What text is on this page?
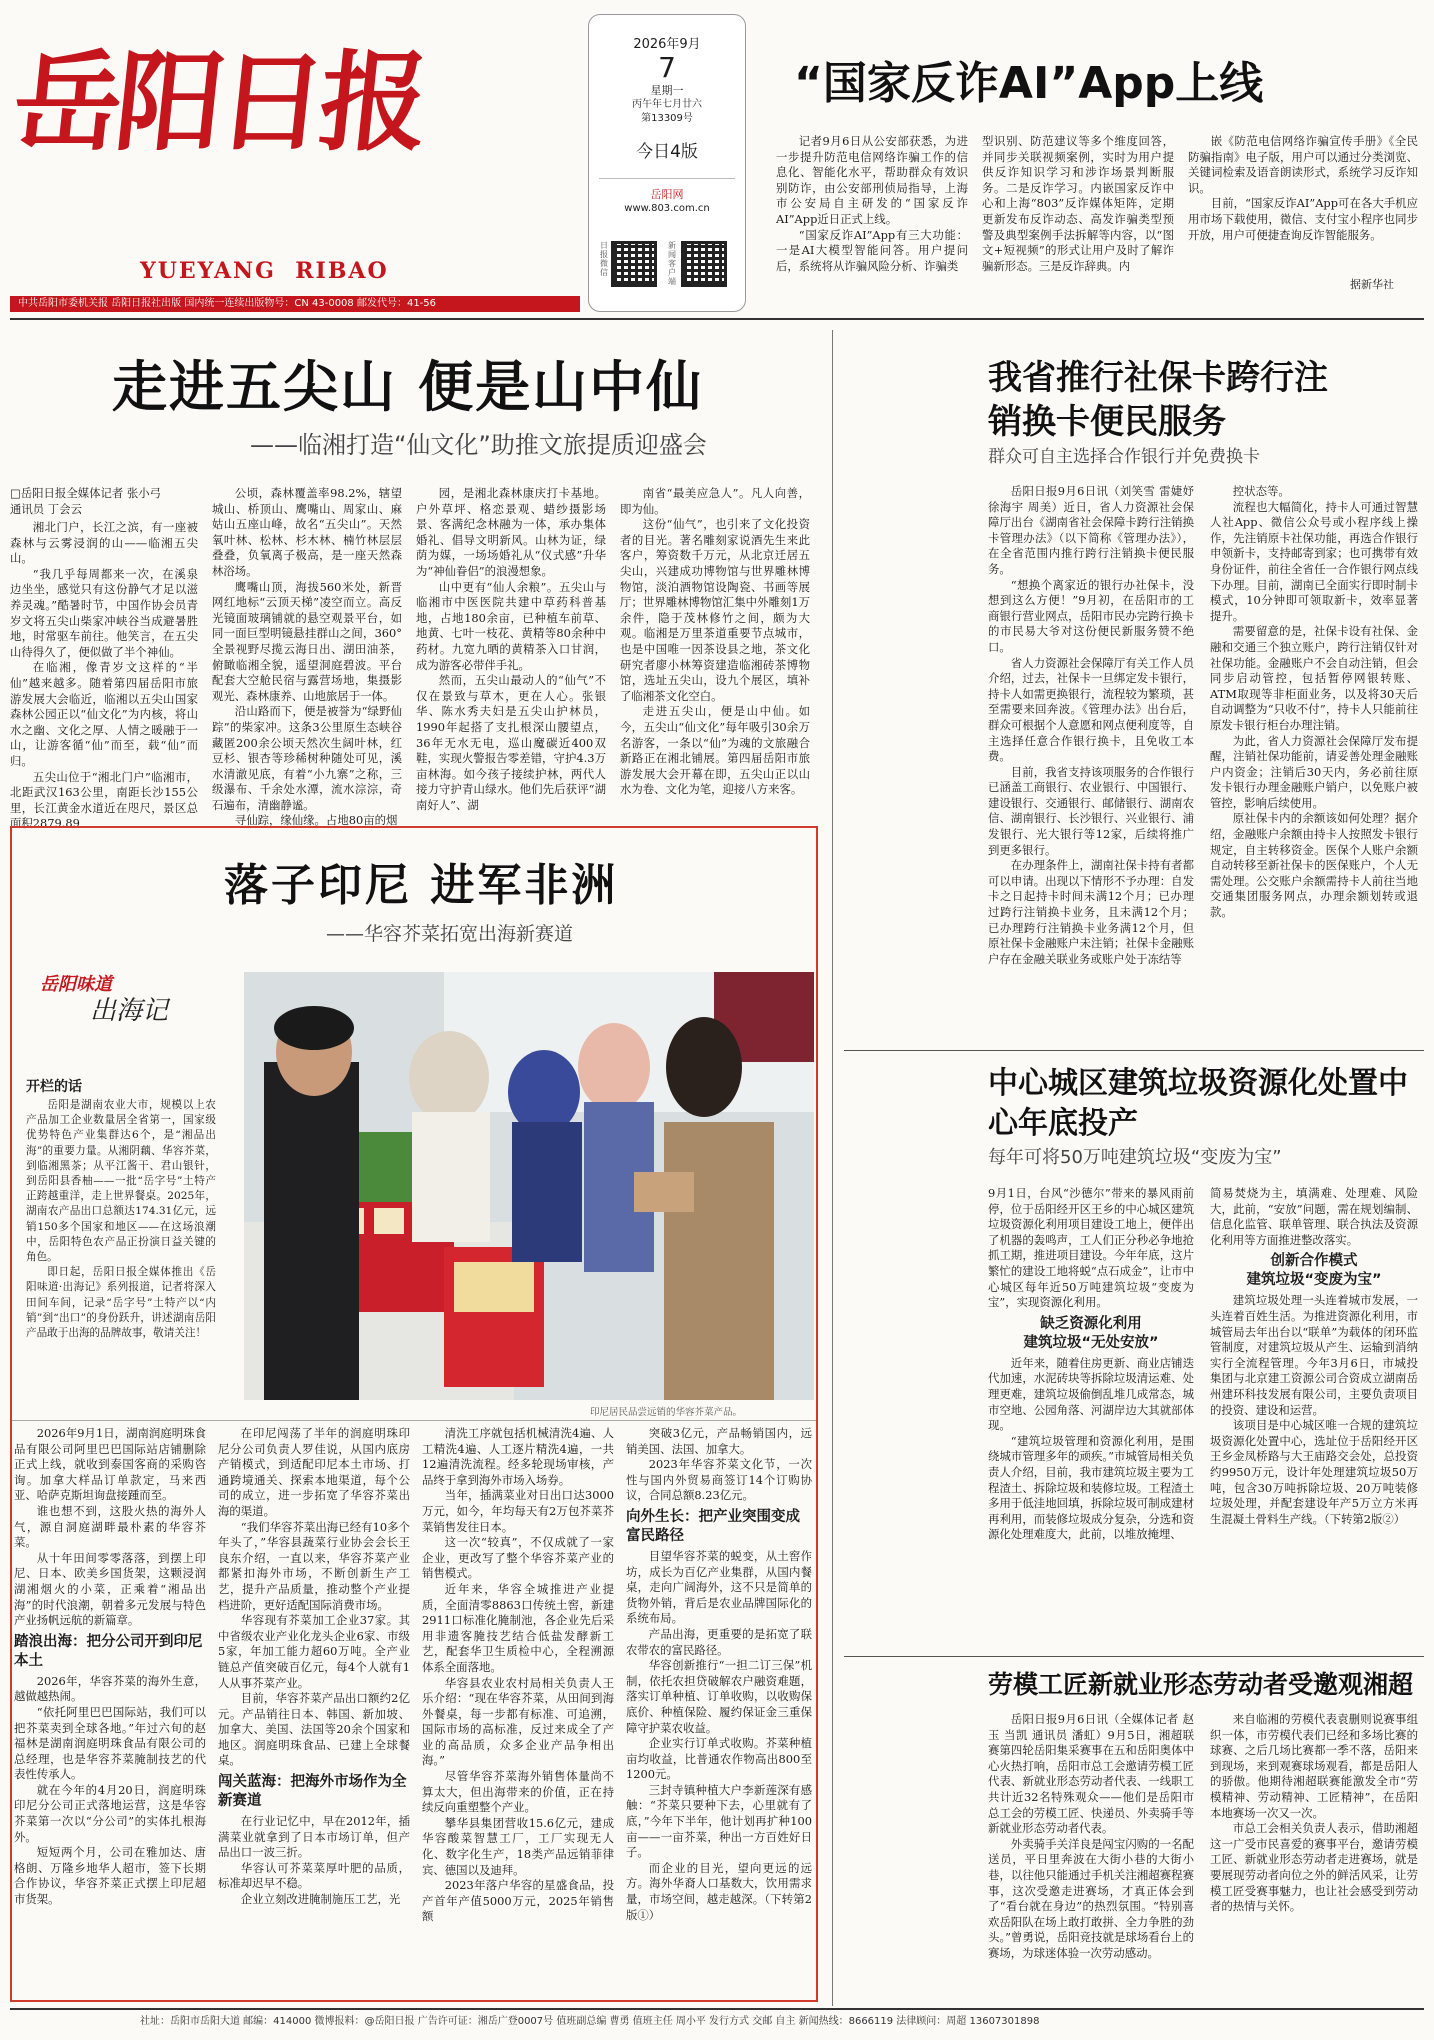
岳阳日报
YUEYANG  RIBAO
中共岳阳市委机关报 岳阳日报社出版 国内统一连续出版物号：CN 43-0008 邮发代号：41-56
2026年9月
7
星期一
丙午年七月廿六
第13309号
今日4版
岳阳网
www.803.com.cn
日报微信
新闻客户端
“国家反诈AI”App上线

记者9月6日从公安部获悉，为进一步提升防范电信网络诈骗工作的信息化、智能化水平，帮助群众有效识别防诈，由公安部刑侦局指导，上海市公安局自主研发的“国家反诈AI”App近日正式上线。

“国家反诈AI”App有三大功能：一是AI大模型智能问答。用户提问后，系统将从诈骗风险分析、诈骗类

型识别、防范建议等多个维度回答，并同步关联视频案例，实时为用户提供反诈知识学习和涉诈场景判断服务。二是反诈学习。内嵌国家反诈中心和上海“803”反诈媒体矩阵，定期更新发布反诈动态、高发诈骗类型预警及典型案例手法拆解等内容，以“图文+短视频”的形式让用户及时了解诈骗新形态。三是反诈辞典。内

嵌《防范电信网络诈骗宣传手册》《全民防骗指南》电子版，用户可以通过分类浏览、关键词检索及语音朗读形式，系统学习反诈知识。

目前，“国家反诈AI”App可在各大手机应用市场下载使用，微信、支付宝小程序也同步开放，用户可便捷查询反诈智能服务。

据新华社
走进五尖山 便是山中仙
——临湘打造“仙文化”助推文旅提质迎盛会
□岳阳日报全媒体记者 张小弓
通讯员 丁会云

湘北门户，长江之滨，有一座被森林与云雾浸润的山——临湘五尖山。

“我几乎每周都来一次，在溪泉边坐坐，感觉只有这份静气才足以滋养灵魂。”酷暑时节，中国作协会员青岁文将五尖山柴家冲峡谷当成避暑胜地，时常驱车前往。他笑言，在五尖山待得久了，便似做了半个神仙。

在临湘，像青岁文这样的“半仙”越来越多。随着第四届岳阳市旅游发展大会临近，临湘以五尖山国家森林公园正以“仙文化”为内核，将山水之幽、文化之厚、人情之暖融于一山，让游客循“仙”而至，载“仙”而归。

五尖山位于“湘北门户”临湘市，北距武汉163公里，南距长沙155公里，长江黄金水道近在咫尺，景区总面积2879.89

公顷，森林覆盖率98.2%，辖望城山、桥顶山、鹰嘴山、周家山、麻姑山五座山峰，故名“五尖山”。天然氧叶林、松林、杉木林、楠竹林层层叠叠，负氧离子极高，是一座天然森林浴场。

鹰嘴山顶，海拔560米处，新晋网红地标“云顶天梯”凌空而立。高反光镜面玻璃铺就的悬空观景平台，如同一面巨型明镜悬挂群山之间，360°全景视野尽揽云海日出、湖田油茶，俯瞰临湘全貌，遥望洞庭碧波。平台配套大空舱民宿与露营场地，集摄影观光、森林康养、山地旅居于一体。

沿山路而下，便是被誉为“绿野仙踪”的柴家冲。这条3公里原生态峡谷藏匿200余公顷天然次生阔叶林，红豆杉、银杏等珍稀树种随处可见，溪水清澈见底，有着“小九寨”之称，三级瀑布、千余处水潭，流水淙淙，奇石遍布，清幽静谧。

寻仙踪，缘仙缘。占地80亩的烟

园，是湘北森林康庆打卡基地。户外草坪、格恋景观、蜡纱摄影场景、客满纪念林融为一体，承办集体婚礼、倡导文明新风。山林为证，绿荫为媒，一场场婚礼从“仪式感”升华为“神仙眷侣”的浪漫想象。

山中更有“仙人余粮”。五尖山与临湘市中医医院共建中草药科普基地，占地180余亩，已种植车前草、地黄、七叶一枝花、黄精等80余种中药材。九宽九晒的黄精茶入口甘润，成为游客必带伴手礼。

然而，五尖山最动人的“仙气”不仅在景致与草木，更在人心。张银华、陈水秀夫妇是五尖山护林员，1990年起搭了支扎根深山腰望点，36年无水无电，巡山魔碳近400双鞋，实现火警报告零差错，守护4.3万亩林海。如今孩子接续护林，两代人接力守护青山绿水。他们先后获评“湖南好人”、湖

南省“最美应急人”。凡人向善，即为仙。

这份“仙气”，也引来了文化投资者的目光。著名雕刻家说酒先生来此客户，筹资数千万元，从北京迁居五尖山，兴建成功博物馆与世界雕林博物馆，淡泊酒物馆设陶瓷、书画等展厅；世界雕林博物馆汇集中外雕刻1万余件，隐于茂林修竹之间，颇为大观。临湘是万里茶道重要节点城市，也是中国唯一因茶设县之地，茶文化研究者廖小林筹资建造临湘砖茶博物馆，选址五尖山，设九个展区，填补了临湘茶文化空白。

走进五尖山，便是山中仙。如今，五尖山“仙文化”每年吸引30余万名游客，一条以“仙”为魂的文旅融合新路正在湘北铺展。第四届岳阳市旅游发展大会开幕在即，五尖山正以山水为卷、文化为笔，迎接八方来客。

落子印尼 进军非洲
——华容芥菜拓宽出海新赛道
岳阳味道
出海记
开栏的话

岳阳是湖南农业大市，规模以上农产品加工企业数量居全省第一，国家级优势特色产业集群达6个，是“湘品出海”的重要力量。从湘阴藕、华容芥菜，到临湘黑茶；从平江酱干、君山银针，到岳阳县香柚——一批“岳字号”土特产正跨越重洋，走上世界餐桌。2025年，湖南农产品出口总额达174.31亿元，远销150多个国家和地区——在这场浪潮中，岳阳特色农产品正扮演日益关键的角色。

即日起，岳阳日报全媒体推出《岳阳味道·出海记》系列报道，记者将深入田间车间，记录“岳字号”土特产以“内销”到“出口”的身份跃升，讲述湖南岳阳产品敢于出海的品牌故事，敬请关注！

印尼居民品尝远销的华容芥菜产品。

2026年9月1日，湖南润庭明珠食品有限公司阿里巴巴国际站店铺删除正式上线，就收到泰国客商的采购咨询。加拿大样品订单款定，马来西亚、哈萨克斯坦询盘接踵而至。

谁也想不到，这股火热的海外人气，源自洞庭湖畔最朴素的华容芥菜。

从十年田间零零落落，到摆上印尼、日本、欧美乡国货架，这颗浸润湖湘烟火的小菜，正乘着“湘品出海”的时代浪潮，朝着多元发展与特色产业扬帆远航的新篇章。

踏浪出海：把分公司开到印尼本土

2026年，华容芥菜的海外生意，越做越热闹。

“依托阿里巴巴国际站，我们可以把芥菜卖到全球各地。”年过六旬的赵福林是湖南润庭明珠食品有限公司的总经理，也是华容芥菜腌制技艺的代表性传承人。

就在今年的4月20日，润庭明珠印尼分公司正式落地运营，这是华容芥菜第一次以“分公司”的实体扎根海外。

短短两个月，公司在雅加达、唐格朗、万隆乡地华人超市，签下长期合作协议，华容芥菜正式摆上印尼超市货架。

在印尼闯荡了半年的润庭明珠印尼分公司负责人罗佳说，从国内底房产销模式，到适配印尼本土市场、打通跨境通关、探索本地渠道，每个公司的成立，进一步拓宽了华容芥菜出海的渠道。

“我们华容芥菜出海已经有10多个年头了，”华容县蔬菜行业协会会长王良东介绍，一直以来，华容芥菜产业都紧扣海外市场，不断创新生产工艺，提升产品质量，推动整个产业提档进阶，更好适配国际消费市场。

华容现有芥菜加工企业37家。其中省级农业产业化龙头企业6家、市级5家，年加工能力超60万吨。全产业链总产值突破百亿元，每4个人就有1人从事芥菜产业。

目前，华容芥菜产品出口额约2亿元。产品销往日本、韩国、新加坡、加拿大、美国、法国等20余个国家和地区。润庭明珠食品、已建上全球餐桌。

闯关蓝海：把海外市场作为全新赛道

在行业记忆中，早在2012年，插满菜业就拿到了日本市场订单，但产品出口一波三折。

华容认可芥菜菜厚叶肥的品质，标准却迟早不稳。

企业立刻改进腌制施压工艺，光

清洗工序就包括机械清洗4遍、人工精洗4遍、人工逐片精洗4遍，一共12遍清洗流程。经多轮现场审核，产品终于拿到海外市场入场券。

当年，插满菜业对日出口达3000万元，如今，年均每天有2万包芥菜芥菜销售发往日本。

这一次“较真”，不仅成就了一家企业，更改写了整个华容芥菜产业的销售模式。

近年来，华容全城推进产业提质，全面清零8863口传统土窖，新建2911口标准化腌制池，各企业先后采用非遗客腌技艺结合低盐发酵新工艺，配套华卫生质检中心，全程溯源体系全面落地。

华容县农业农村局相关负责人王乐介绍：“现在华容芥菜，从田间到海外餐桌，每一步都有标准、可追溯，国际市场的高标准，反过来成全了产业的高品质，众多企业产品争相出海。”

尽管华容芥菜海外销售体量尚不算太大，但出海带来的价值，正在持续反向重塑整个产业。

攀华县集团营收15.6亿元，建成华容酸菜智慧工厂，工厂实现无人化、数字化生产，18类产品远销菲律宾、德国以及迪拜。

2023年落户华容的星盛食品，投产首年产值5000万元，2025年销售额

突破3亿元，产品畅销国内，远销美国、法国、加拿大。

2023年华容芥菜文化节，一次性与国内外贸易商签订14个订购协议，合同总额8.23亿元。

向外生长：把产业突围变成富民路径

目望华容芥菜的蜕变，从土窖作坊，成长为百亿产业集群，从国内餐桌，走向广阔海外，这不只是简单的货物外销，背后是农业品牌国际化的系统布局。

产品出海，更重要的是拓宽了联农带农的富民路径。

华容创新推行“一担二订三保”机制，依托农担贷破解农户融资难题，落实订单种植、订单收购，以收购保底价、种植保险、履约保证金三重保障守护菜农收益。

企业实行订单式收购。芥菜种植亩均收益，比普通农作物高出800至1200元。

三封寺镇种植大户李新莲深有感触：“芥菜只要种下去，心里就有了底，”今年下半年，他计划再扩种100亩——一亩芥菜，种出一方百姓好日子。

而企业的目光，望向更远的远方。海外华裔人口基数大，饮用需求量，市场空间，越走越深。（下转第2版①）

我省推行社保卡跨行注销换卡便民服务
群众可自主选择合作银行并免费换卡

岳阳日报9月6日讯（刘笑雪 雷婕妤 徐海宇 周美）近日，省人力资源社会保障厅出台《湖南省社会保障卡跨行注销换卡管理办法》（以下简称《管理办法》），在全省范围内推行跨行注销换卡便民服务。

“想换个离家近的银行办社保卡，没想到这么方便！”9月初，在岳阳市的工商银行营业网点，岳阳市民办完跨行换卡的市民易大爷对这份便民新服务赞不绝口。

省人力资源社会保障厅有关工作人员介绍，过去，社保卡一旦绑定发卡银行，持卡人如需更换银行，流程较为繁琐，甚至需要来回奔波。《管理办法》出台后，群众可根据个人意愿和网点便利度等，自主选择任意合作银行换卡，且免收工本费。

目前，我省支持该项服务的合作银行已涵盖工商银行、农业银行、中国银行、建设银行、交通银行、邮储银行、湖南农信、湖南银行、长沙银行、兴业银行、浦发银行、光大银行等12家，后续将推广到更多银行。

在办理条件上，湖南社保卡持有者都可以申请。出现以下情形不予办理：自发卡之日起持卡时间未满12个月；已办理过跨行注销换卡业务，且未满12个月；已办理跨行注销换卡业务满12个月，但原社保卡金融账户未注销；社保卡金融账户存在金融关联业务或账户处于冻结等

控状态等。

流程也大幅简化，持卡人可通过智慧人社App、微信公众号或小程序线上操作，先注销原卡社保功能，再选合作银行申领新卡，支持邮寄到家；也可携带有效身份证件，前往全省任一合作银行网点线下办理。目前，湖南已全面实行即时制卡模式，10分钟即可领取新卡，效率显著提升。

需要留意的是，社保卡设有社保、金融和交通三个独立账户，跨行注销仅针对社保功能。金融账户不会自动注销，但会同步启动管控，包括暂停网银转账、ATM取现等非柜面业务，以及将30天后自动调整为“只收不付”，持卡人只能前往原发卡银行柜台办理注销。

为此，省人力资源社会保障厅发布提醒，注销社保功能前，请妥善处理金融账户内资金；注销后30天内，务必前往原发卡银行办理金融账户销户，以免账户被管控，影响后续使用。

原社保卡内的余额该如何处理？据介绍，金融账户余额由持卡人按照发卡银行规定，自主转移资金。医保个人账户余额自动转移至新社保卡的医保账户，个人无需处理。公交账户余额需持卡人前往当地交通集团服务网点，办理余额划转或退款。

中心城区建筑垃圾资源化处置中心年底投产
每年可将50万吨建筑垃圾“变废为宝”
9月1日，台风“沙德尔”带来的暴风雨前停，位于岳阳经开区王乡的中心城区建筑垃圾资源化利用项目建设工地上，便伴出了机器的轰鸣声，工人们正分秒必争地抢抓工期，推进项目建设。今年年底，这片繁忙的建设工地将蜕“点石成金”，让市中心城区每年近50万吨建筑垃圾“变废为宝”，实现资源化利用。
缺乏资源化利用
建筑垃圾“无处安放”

近年来，随着住房更新、商业店铺迭代加速，水泥砖块等拆除垃圾清运难、处理更难，建筑垃圾偷倒乱堆几成常态，城市空地、公园角落、河湖岸边大其就部体现。

“建筑垃圾管理和资源化利用，是围绕城市管理多年的顽疾。”市城管局相关负责人介绍，目前，我市建筑垃圾主要为工程渣土、拆除垃圾和装修垃圾。工程渣土多用于低洼地回填，拆除垃圾可制成建材再利用，而装修垃圾成分复杂，分选和资源化处理难度大，此前，以堆放掩埋、

简易焚烧为主，填满难、处理难、风险大，此前，“安放”问题，需在规划编制、信息化监管、联单管理、联合执法及资源化利用等方面推进整改落实。
创新合作模式
建筑垃圾“变废为宝”

建筑垃圾处理一头连着城市发展，一头连着百姓生活。为推进资源化利用，市城管局去年出台以“联单”为载体的闭环监管制度，对建筑垃圾从产生、运输到消纳实行全流程管理。今年3月6日，市城投集团与北京建工资源公司合资成立湖南岳州建环科技发展有限公司，主要负责项目的投资、建设和运营。

该项目是中心城区唯一合规的建筑垃圾资源化处置中心，选址位于岳阳经开区王乡金凤桥路与大王庙路交会处，总投资约9950万元，设计年处理建筑垃圾50万吨，包含30万吨拆除垃圾、20万吨装修垃圾处理，并配套建设年产5万立方米再生混凝土骨料生产线。（下转第2版②）

劳模工匠新就业形态劳动者受邀观湘超

岳阳日报9月6日讯（全媒体记者 赵玉 当凯 通讯员 潘虹）9月5日，湘超联赛第四轮岳阳集采赛事在五和岳阳奥体中心火热打响，岳阳市总工会邀请劳模工匠代表、新就业形态劳动者代表、一线职工共计近32名特殊观众——他们是岳阳市总工会的劳模工匠、快递员、外卖骑手等新就业形态劳动者代表。

外卖骑手关洋良是闯宝闪购的一名配送员，平日里奔波在大街小巷的大街小巷，以往他只能通过手机关注湘超赛程赛事，这次受邀走进赛场，才真正体会到了“看台就在身边”的热烈氛围。“特别喜欢岳阳队在场上敢打敢拼、全力争胜的劲头。”曾勇说，岳阳竞技就是球场看台上的赛场，为球迷体验一次劳动感动。

来自临湘的劳模代表袁删则说赛事组织一体，市劳模代表们已经和多场比赛的球赛、之后几场比赛都一季不落，岳阳来到现场，来到观赛球场观看，都是岳阳人的骄傲。他期待湘超联赛能激发全市“劳模精神、劳动精神、工匠精神”，在岳阳本地赛场一次又一次。

市总工会相关负责人表示，借助湘超这一广受市民喜爱的赛事平台，邀请劳模工匠、新就业形态劳动者走进赛场，就是要展现劳动者向位之外的鲜活风采，让劳模工匠受赛事魅力，也让社会感受到劳动者的热情与关怀。

社址：岳阳市岳阳大道 邮编：414000 微博报料：@岳阳日报 广告许可证：湘岳广登0007号 值班副总编 曹勇 值班主任 周小平 发行方式 交邮 自主 新闻热线：8666119 法律顾问：周超 13607301898
